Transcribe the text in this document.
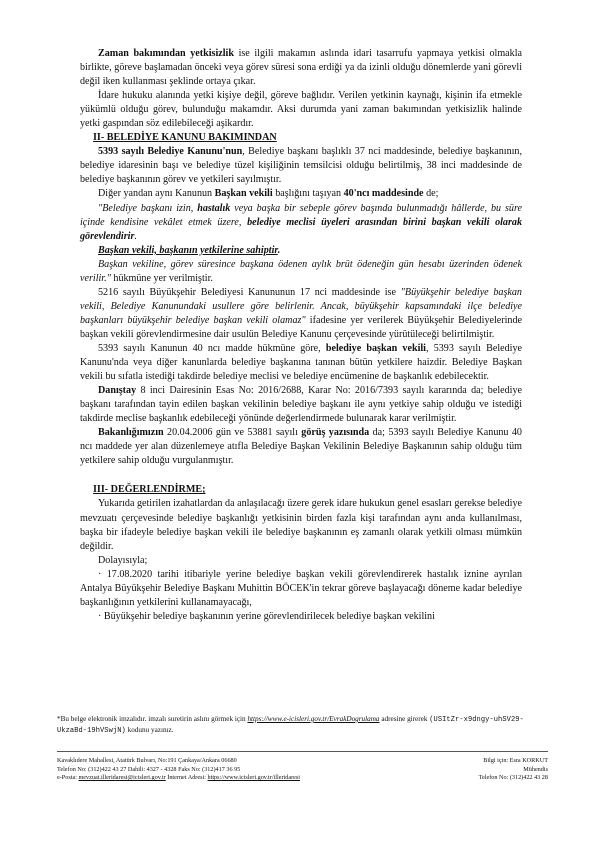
Zaman bakımından yetkisizlik ise ilgili makamın aslında idari tasarrufu yapmaya yetkisi olmakla birlikte, göreve başlamadan önceki veya görev süresi sona erdiği ya da izinli olduğu dönemlerde yani görevli değil iken kullanması şeklinde ortaya çıkar.

İdare hukuku alanında yetki kişiye değil, göreve bağlıdır. Verilen yetkinin kaynağı, kişinin ifa etmekle yükümlü olduğu görev, bulunduğu makamdır. Aksi durumda yani zaman bakımından yetkisizlik halinde yetki gaspından söz edilebileceği aşikardır.

II- BELEDİYE KANUNU BAKIMINDAN

5393 sayılı Belediye Kanunu'nun, Belediye başkanı başlıklı 37 nci maddesinde, belediye başkanının, belediye idaresinin başı ve belediye tüzel kişiliğinin temsilcisi olduğu belirtilmiş, 38 inci maddesinde de belediye başkanının görev ve yetkileri sayılmıştır.

Diğer yandan aynı Kanunun Başkan vekili başlığını taşıyan 40'ncı maddesinde de;

"Belediye başkanı izin, hastalık veya başka bir sebeple görev başında bulunmadığı hâllerde, bu süre içinde kendisine vekâlet etmek üzere, belediye meclisi üyeleri arasından birini başkan vekili olarak görevlendirir.

Başkan vekili, başkanın yetkilerine sahiptir.

Başkan vekiline, görev süresince başkana ödenen aylık brüt ödeneğin gün hesabı üzerinden ödenek verilir." hükmüne yer verilmiştir.

5216 sayılı Büyükşehir Belediyesi Kanununun 17 nci maddesinde ise "Büyükşehir belediye başkan vekili, Belediye Kanunundaki usullere göre belirlenir. Ancak, büyükşehir kapsamındaki ilçe belediye başkanları büyükşehir belediye başkan vekili olamaz" ifadesine yer verilerek Büyükşehir Belediyelerinde başkan vekili görevlendirmesine dair usulün Belediye Kanunu çerçevesinde yürütüleceği belirtilmiştir.

5393 sayılı Kanunun 40 ncı madde hükmüne göre, belediye başkan vekili, 5393 sayılı Belediye Kanunu'nda veya diğer kanunlarda belediye başkanına tanınan bütün yetkilere haizdir. Belediye Başkan vekili bu sıfatla istediği takdirde belediye meclisi ve belediye encümenine de başkanlık edebilecektir.

Danıştay 8 inci Dairesinin Esas No: 2016/2688, Karar No: 2016/7393 sayılı kararında da; belediye başkanı tarafından tayin edilen başkan vekilinin belediye başkanı ile aynı yetkiye sahip olduğu ve istediği takdirde meclise başkanlık edebileceği yönünde değerlendirmede bulunarak karar verilmiştir.

Bakanlığımızın 20.04.2006 gün ve 53881 sayılı görüş yazısında da; 5393 sayılı Belediye Kanunu 40 ncı maddede yer alan düzenlemeye atıfla Belediye Başkan Vekilinin Belediye Başkanının sahip olduğu tüm yetkilere sahip olduğu vurgulanmıştır.

III- DEĞERLENDİRME;

Yukarıda getirilen izahatlardan da anlaşılacağı üzere gerek idare hukukun genel esasları gerekse belediye mevzuatı çerçevesinde belediye başkanlığı yetkisinin birden fazla kişi tarafından aynı anda kullanılması, başka bir ifadeyle belediye başkan vekili ile belediye başkanının eş zamanlı olarak yetkili olması mümkün değildir.

Dolayısıyla;

· 17.08.2020 tarihi itibariyle yerine belediye başkan vekili görevlendirerek hastalık iznine ayrılan Antalya Büyükşehir Belediye Başkanı Muhittin BÖCEK'in tekrar göreve başlayacağı döneme kadar belediye başkanlığının yetkilerini kullanamayacağı,

· Büyükşehir belediye başkanının yerine görevlendirilecek belediye başkan vekilini

*Bu belge elektronik imzalıdır. imzalı suretirin aslını görmek için https://www.e-icisleri.gov.tr/EvrakDogrulama adresine girerek (USItZr-x9dngy-uhSV29-UkzaBd-19hVSwjN) kodunu yazınız.
Kavaklıdere Mahallesi, Atatürk Bulvarı, No:191 Çankaya/Ankara 06680
Telefon No: (312)422 43 27 Dahili: 4327 - 4328 Faks No: (312)417 36 95
e-Posta: mevzuat.illeridaresi@icisleri.gov.tr İnternet Adresi: https://www.icisleri.gov.tr/illeridaresi
Bilgi için: Esra KORKUT
Mühendis
Telefon No: (312)422 43 28
